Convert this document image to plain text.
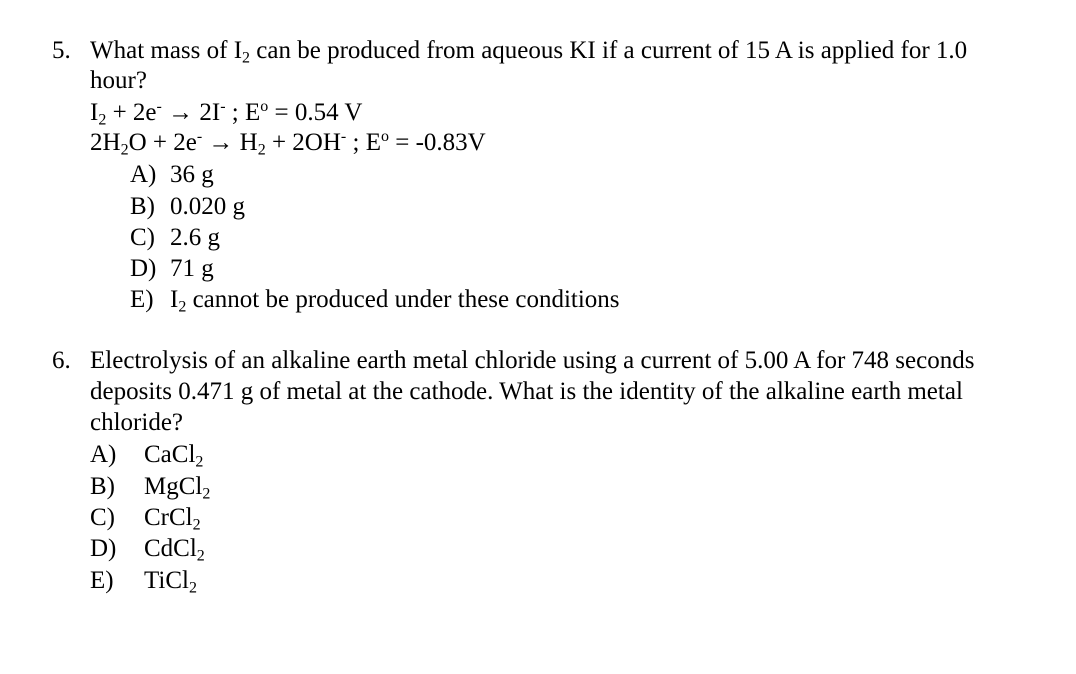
5. What mass of $I_2$ can be produced from aqueous KI if a current of 15 A is applied for 1.0
hour?
$I_2 + 2e^- \to 2I^-$ ; $E^o = 0.54$ V
$2H_2O + 2e^- \to H_2 + 2OH^-$ ; $E^o = -0.83V$
A) 36 g
B) 0.020 g
C) 2.6 g
D) 71 g
E) $I_2$ cannot be produced under these conditions
6. Electrolysis of an alkaline earth metal chloride using a current of 5.00 A for 748 seconds
deposits 0.471 g of metal at the cathode. What is the identity of the alkaline earth metal
chloride?
A) CaCl$_2$
B) MgCl$_2$
C) CrCl$_2$
D) CdCl$_2$
E) TiCl$_2$
